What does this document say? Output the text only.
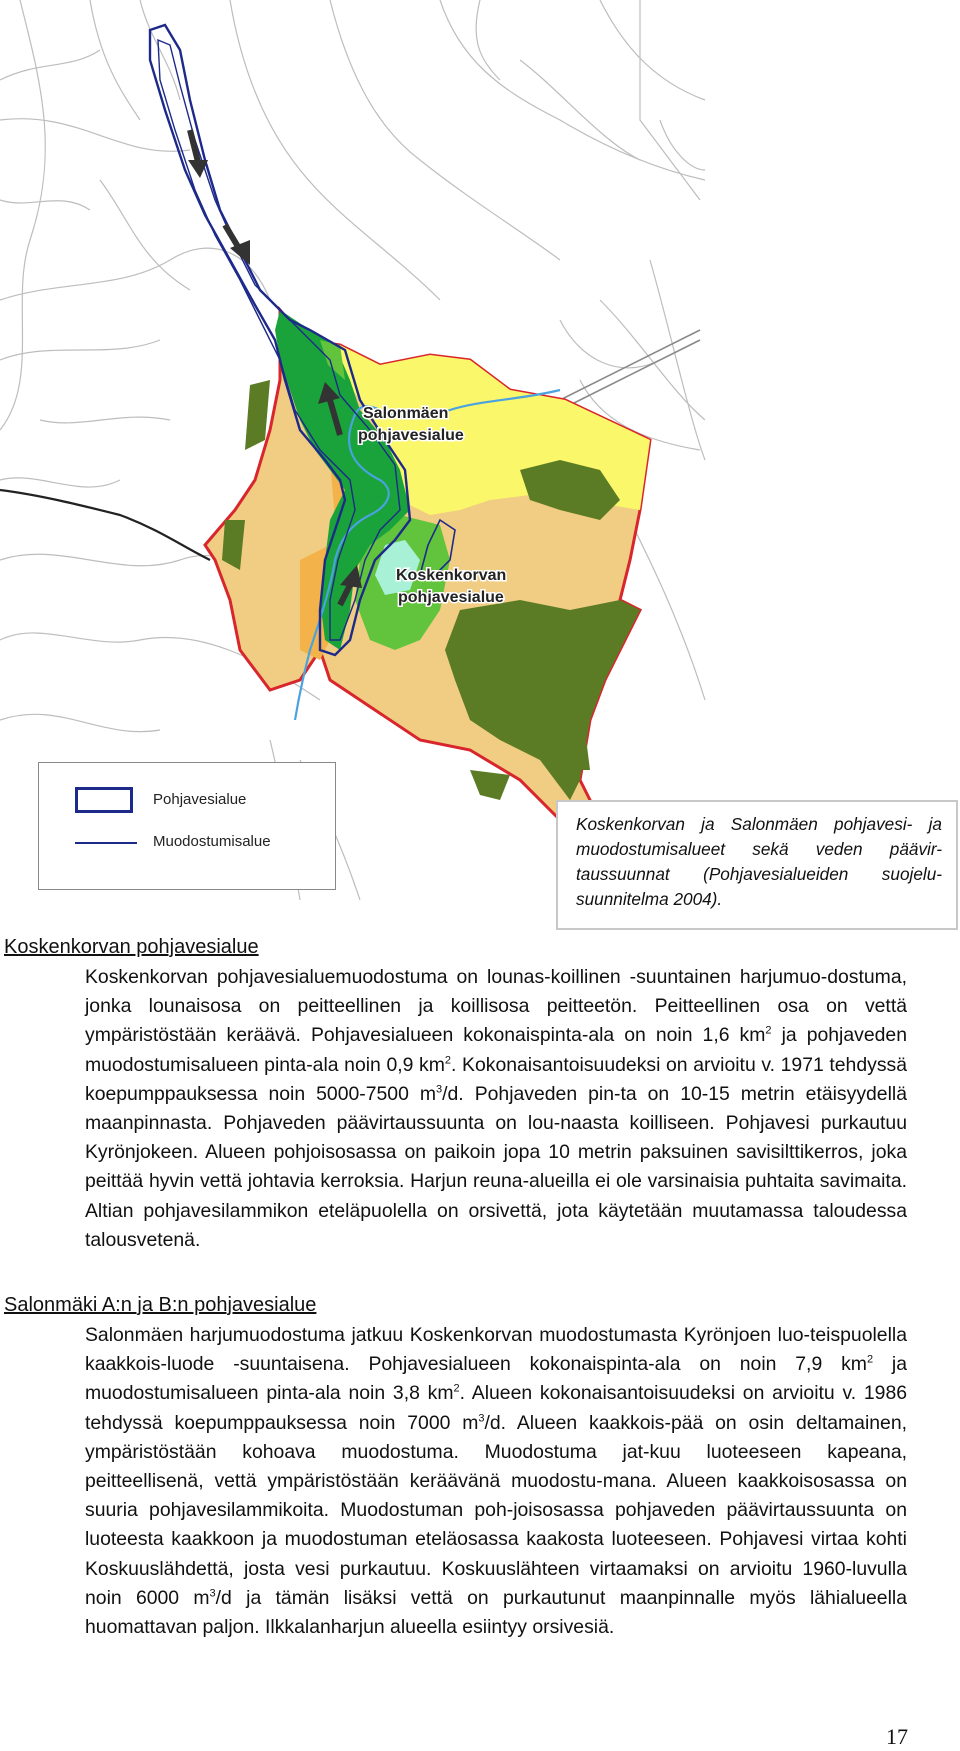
Salonmäen
pohjavesialue
Koskenkorvan
pohjavesialue
Pohjavesialue
Muodostumisalue
Koskenkorvan ja Salonmäen pohjavesi- ja muodostumisalueet sekä veden päävir-taussuunnat (Pohjavesialueiden suojelu-suunnitelma 2004).
Koskenkorvan pohjavesialue

Koskenkorvan pohjavesialuemuodostuma on lounas-koillinen -suuntainen harjumuo-dostuma, jonka lounaisosa on peitteellinen ja koillisosa peitteetön. Peitteellinen osa on vettä ympäristöstään keräävä. Pohjavesialueen kokonaispinta-ala on noin 1,6 $km^2$ ja pohjaveden muodostumisalueen pinta-ala noin 0,9 $km^2$. Kokonaisantoisuudeksi on arvioitu v. 1971 tehdyssä koepumppauksessa noin 5000-7500 $m^3/d$. Pohjaveden pin-ta on 10-15 metrin etäisyydellä maanpinnasta. Pohjaveden päävirtaussuunta on lou-naasta koilliseen. Pohjavesi purkautuu Kyrönjokeen. Alueen pohjoisosassa on paikoin jopa 10 metrin paksuinen savisilttikerros, joka peittää hyvin vettä johtavia kerroksia. Harjun reuna-alueilla ei ole varsinaisia puhtaita savimaita. Altian pohjavesilammikon eteläpuolella on orsivettä, jota käytetään muutamassa taloudessa talousvetenä.

Salonmäki A:n ja B:n pohjavesialue

Salonmäen harjumuodostuma jatkuu Koskenkorvan muodostumasta Kyrönjoen luo-teispuolella kaakkois-luode -suuntaisena. Pohjavesialueen kokonaispinta-ala on noin 7,9 $km^2$ ja muodostumisalueen pinta-ala noin 3,8 $km^2$. Alueen kokonaisantoisuudeksi on arvioitu v. 1986 tehdyssä koepumppauksessa noin 7000 $m^3/d$. Alueen kaakkois-pää on osin deltamainen, ympäristöstään kohoava muodostuma. Muodostuma jat-kuu luoteeseen kapeana, peitteellisenä, vettä ympäristöstään keräävänä muodostu-mana. Alueen kaakkoisosassa on suuria pohjavesilammikoita. Muodostuman poh-joisosassa pohjaveden päävirtaussuunta on luoteesta kaakkoon ja muodostuman eteläosassa kaakosta luoteeseen. Pohjavesi virtaa kohti Koskuuslähdettä, josta vesi purkautuu. Koskuuslähteen virtaamaksi on arvioitu 1960-luvulla noin 6000 $m^3/d$ ja tämän lisäksi vettä on purkautunut maanpinnalle myös lähialueella huomattavan paljon. Ilkkalanharjun alueella esiintyy orsivesiä.

17
